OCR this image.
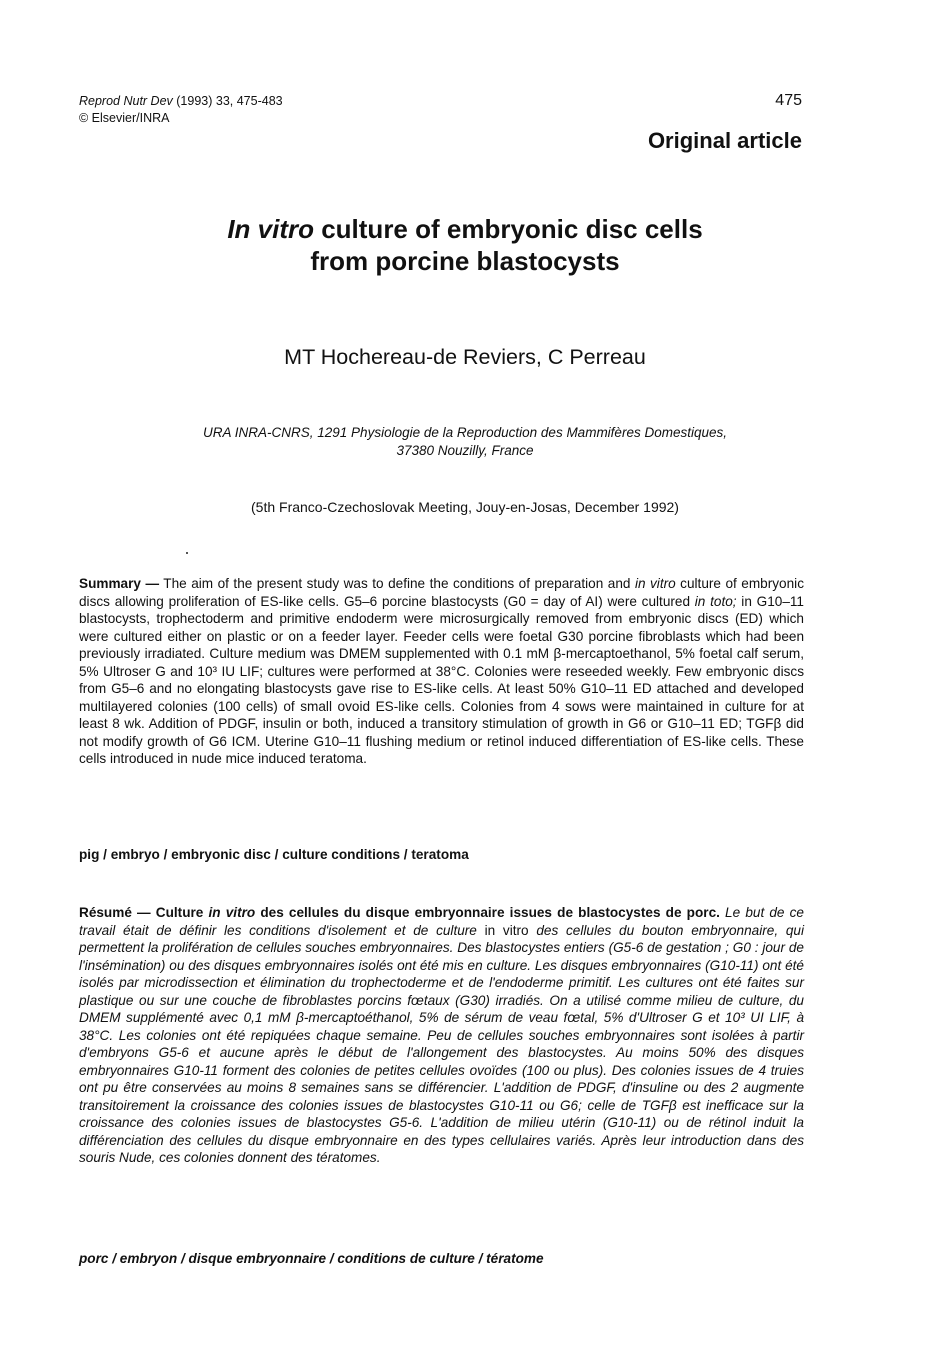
Reprod Nutr Dev (1993) 33, 475-483
© Elsevier/INRA
475
Original article
In vitro culture of embryonic disc cells
from porcine blastocysts
MT Hochereau-de Reviers, C Perreau
URA INRA-CNRS, 1291 Physiologie de la Reproduction des Mammifères Domestiques,
37380 Nouzilly, France
(5th Franco-Czechoslovak Meeting, Jouy-en-Josas, December 1992)
Summary — The aim of the present study was to define the conditions of preparation and in vitro culture of embryonic discs allowing proliferation of ES-like cells. G5–6 porcine blastocysts (G0 = day of AI) were cultured in toto; in G10–11 blastocysts, trophectoderm and primitive endoderm were microsurgically removed from embryonic discs (ED) which were cultured either on plastic or on a feeder layer. Feeder cells were foetal G30 porcine fibroblasts which had been previously irradiated. Culture medium was DMEM supplemented with 0.1 mM β-mercaptoethanol, 5% foetal calf serum, 5% Ultroser G and 10³ IU LIF; cultures were performed at 38°C. Colonies were reseeded weekly. Few embryonic discs from G5–6 and no elongating blastocysts gave rise to ES-like cells. At least 50% G10–11 ED attached and developed multilayered colonies (100 cells) of small ovoid ES-like cells. Colonies from 4 sows were maintained in culture for at least 8 wk. Addition of PDGF, insulin or both, induced a transitory stimulation of growth in G6 or G10–11 ED; TGFβ did not modify growth of G6 ICM. Uterine G10–11 flushing medium or retinol induced differentiation of ES-like cells. These cells introduced in nude mice induced teratoma.
pig / embryo / embryonic disc / culture conditions / teratoma
Résumé — Culture in vitro des cellules du disque embryonnaire issues de blastocystes de porc. Le but de ce travail était de définir les conditions d'isolement et de culture in vitro des cellules du bouton embryonnaire, qui permettent la prolifération de cellules souches embryonnaires. Des blastocystes entiers (G5-6 de gestation ; G0 : jour de l'insémination) ou des disques embryonnaires isolés ont été mis en culture. Les disques embryonnaires (G10-11) ont été isolés par microdissection et élimination du trophectoderme et de l'endoderme primitif. Les cultures ont été faites sur plastique ou sur une couche de fibroblastes porcins fœtaux (G30) irradiés. On a utilisé comme milieu de culture, du DMEM supplémenté avec 0,1 mM β-mercaptoéthanol, 5% de sérum de veau fœtal, 5% d'Ultroser G et 10³ UI LIF, à 38°C. Les colonies ont été repiquées chaque semaine. Peu de cellules souches embryonnaires sont isolées à partir d'embryons G5-6 et aucune après le début de l'allongement des blastocystes. Au moins 50% des disques embryonnaires G10-11 forment des colonies de petites cellules ovoïdes (100 ou plus). Des colonies issues de 4 truies ont pu être conservées au moins 8 semaines sans se différencier. L'addition de PDGF, d'insuline ou des 2 augmente transitoirement la croissance des colonies issues de blastocystes G10-11 ou G6; celle de TGFβ est inefficace sur la croissance des colonies issues de blastocystes G5-6. L'addition de milieu utérin (G10-11) ou de rétinol induit la différenciation des cellules du disque embryonnaire en des types cellulaires variés. Après leur introduction dans des souris Nude, ces colonies donnent des tératomes.
porc / embryon / disque embryonnaire / conditions de culture / tératome
